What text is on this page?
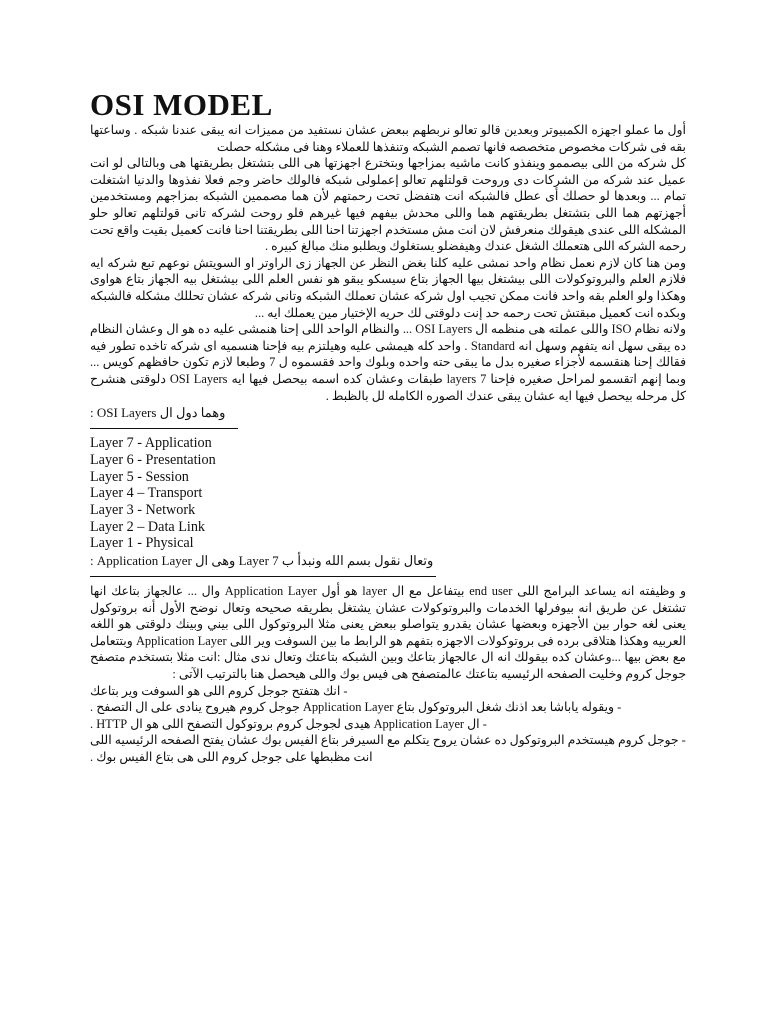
OSI MODEL

أول ما عملو اجهزه الكمبيوتر وبعدين قالو تعالو نربطهم ببعض عشان نستفيد من مميزات انه يبقى عندنا شبكه . وساعتها بقه فى شركات مخصوص متخصصه فانها تصمم الشبكه وتنفذها للعملاء وهنا فى مشكله حصلت

كل شركه من اللى بيصممو وينفذو كانت ماشيه بمزاجها وبتخترع اجهزتها هى اللى بتشتغل بطريقتها هى وبالتالى لو انت عميل عند شركه من الشركات دى وروحت قولتلهم تعالو إعملولى شبكه فالولك حاضر وجم فعلا نفذوها والدنيا اشتغلت تمام ... وبعدها لو حصلك أى عطل فالشبكه انت هتفضل تحت رحمتهم لأن هما مصممين الشبكه بمزاجهم ومستخدمين أجهزتهم هما اللى بتشتغل بطريقتهم هما واللى محدش بيفهم فيها غيرهم فلو روحت لشركه تانى قولتلهم تعالو حلو المشكله اللى عندى هيقولك منعرفش لان انت مش مستخدم اجهزتنا احنا اللى بطريقتنا احنا فانت كعميل بقيت واقع تحت رحمه الشركه اللى هتعملك الشغل عندك وهيفضلو يستغلوك ويطلبو منك مبالغ كبيره .

ومن هنا كان لازم نعمل نظام واحد نمشى عليه كلنا بغض النظر عن الجهاز زى الراوتر او السويتش نوعهم تبع شركه ايه فلازم العلم والبروتوكولات اللى بيشتغل بيها الجهاز بتاع سيسكو يبقو هو نفس العلم اللى بيشتغل بيه الجهاز بتاع هواوى وهكذا ولو العلم بقه واحد فانت ممكن تجيب اول شركه عشان تعملك الشبكه وتانى شركه عشان تحللك مشكله فالشبكه وبكده انت كعميل مبقتش تحت رحمه حد إنت دلوقتى لك حريه الإختيار مين يعملك ايه ...

ولانه نظام ISO واللى عملته هى منظمه ال OSI Layers ... والنظام الواحد اللى إحنا هنمشى عليه ده هو ال وعشان النظام ده يبقى سهل انه يتفهم وسهل انه Standard . واحد كله هيمشى عليه وهيلتزم بيه فإحنا هنسميه اى شركه تاخده تطور فيه فقالك إحنا هنقسمه لأجزاء صغيره بدل ما يبقى حته واحده وبلوك واحد فقسموه ل 7 وطبعا لازم تكون حافظهم كويس ... وبما إنهم اتقسمو لمراحل صغيره فإحنا 7 layers طبقات وعشان كده اسمه بيحصل فيها ايه OSI Layers دلوقتى هنشرح كل مرحله بيحصل فيها ايه عشان يبقى عندك الصوره الكامله لل بالظبط .

وهما دول ال OSI Layers :
Layer 7 - Application
Layer 6 - Presentation
Layer 5 - Session
Layer 4 – Transport
Layer 3 - Network
Layer 2 – Data Link
Layer 1 - Physical
وتعال نقول بسم الله ونبدأ ب Layer 7 وهى ال Application Layer :

و وظيفته انه يساعد البرامج اللى end user بيتفاعل مع ال layer هو أول Application Layer وال ... عالجهاز بتاعك انها تشتغل عن طريق انه بيوفرلها الخدمات والبروتوكولات عشان يشتغل بطريقه صحيحه وتعال نوضح الأول أنه بروتوكول يعنى لغه حوار بين الأجهزه وبعضها عشان يقدرو يتواصلو ببعض يعنى مثلا البروتوكول اللى بيني وبينك دلوقتى هو اللغه العربيه وهكذا هتلاقى برده فى بروتوكولات الاجهزه بتفهم هو الرابط ما بين السوفت وير اللى Application Layer وبتتعامل مع بعض بيها ...وعشان كده بيقولك انه ال عالجهاز بتاعك وبين الشبكه بتاعتك وتعال ندى مثال :انت مثلا بتستخدم متصفح جوجل كروم وخليت الصفحه الرئيسيه بتاعتك عالمتصفح هى فيس بوك واللى هيحصل هنا بالترتيب الآتى :

- انك هتفتح جوجل كروم اللى هو السوفت وير بتاعك
- ويقوله ياباشا بعد اذنك شغل البروتوكول بتاع Application Layer جوجل كروم هيروح ينادى على ال التصفح .
- ال Application Layer هيدى لجوجل كروم بروتوكول التصفح اللى هو ال HTTP .
- جوجل كروم هيستخدم البروتوكول ده عشان يروح يتكلم مع السيرفر بتاع الفيس بوك عشان يفتح الصفحه الرئيسيه اللى انت مظبطها على جوجل كروم اللى هى بتاع الفيس بوك .
